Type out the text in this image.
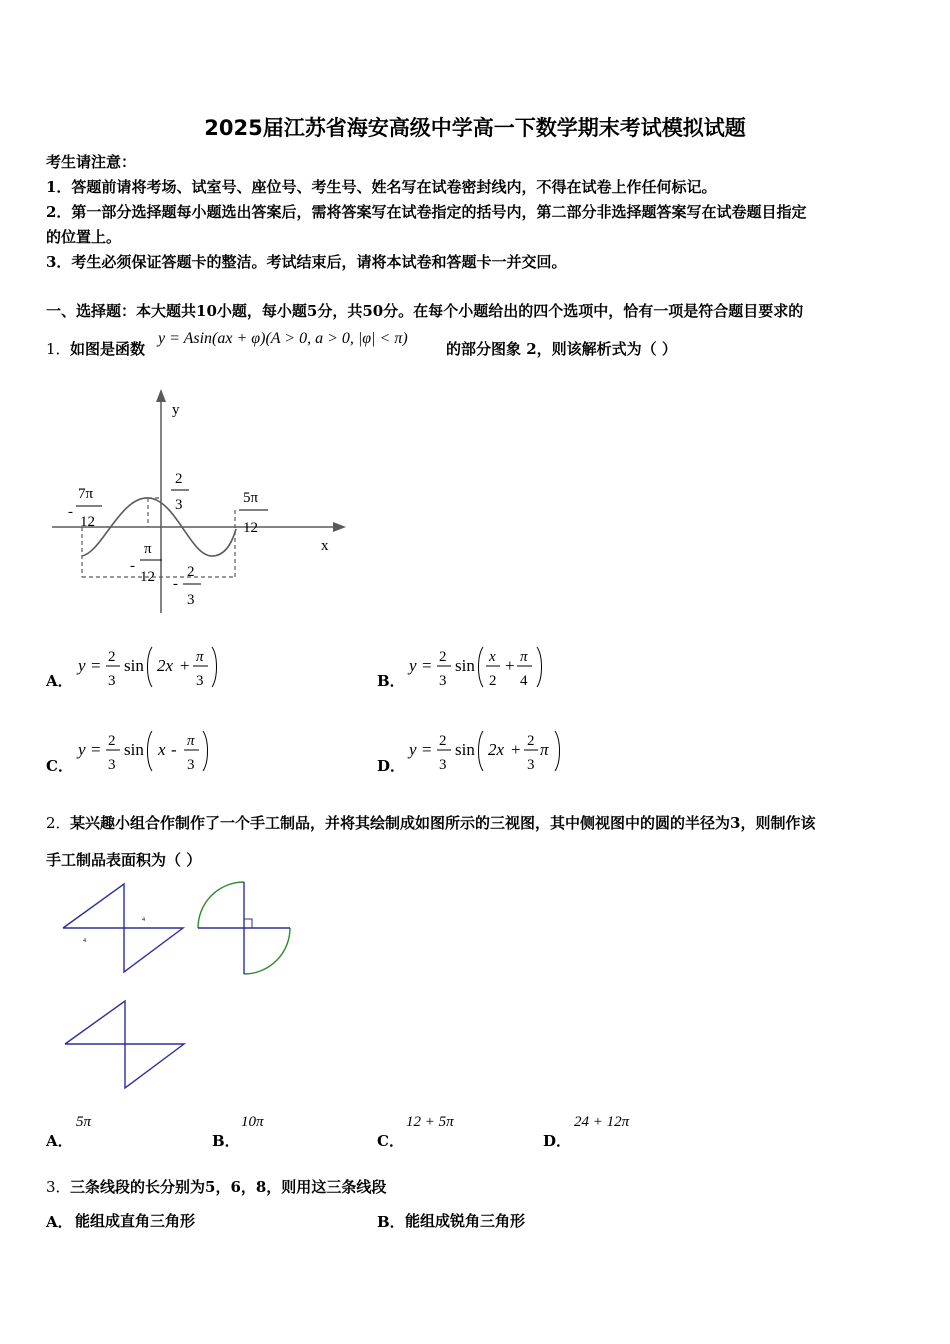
2025届江苏省海安高级中学高一下数学期末考试模拟试题
考生请注意：
1．答题前请将考场、试室号、座位号、考生号、姓名写在试卷密封线内，不得在试卷上作任何标记。
2．第一部分选择题每小题选出答案后，需将答案写在试卷指定的括号内，第二部分非选择题答案写在试卷题目指定
的位置上。
3．考生必须保证答题卡的整洁。考试结束后，请将本试卷和答题卡一并交回。
一、选择题：本大题共10小题，每小题5分，共50分。在每个小题给出的四个选项中，恰有一项是符合题目要求的
1． 如图是函数
y = Asin(ax + φ)(A > 0, a > 0, |φ| < π)
的部分图象 2，则该解析式为（ ）
y
x
2
3
-
7π
12
5π
12
-
π
12 -
2
3
A．
y = 2
3
sin 2x + π
3	B．
y = 2
3
sin x
2
+ π
4
C．
y = 2
3
sin x - π
3	D．
y = 2
3
sin 2x + 2
3
π
2． 某兴趣小组合作制作了一个手工制品，并将其绘制成如图所示的三视图，其中侧视图中的圆的半径为3，则制作该
手工制品表面积为（ ）
4
4
A．
5π
B．
10π
C．
12 + 5π
D．
24 + 12π
3． 三条线段的长分别为5，6，8，则用这三条线段
A． 能组成直角三角形	B． 能组成锐角三角形
